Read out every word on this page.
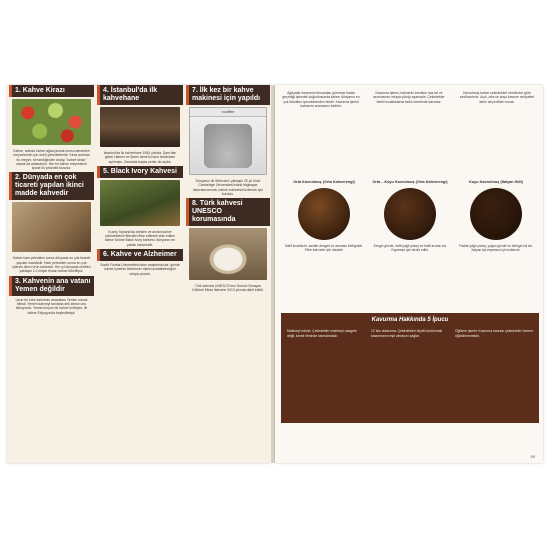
1. Kahve Kirazı
Kahve, adında kahve ağacı(ancak konsu tamamen meyvelerinin için özel) çekirdeklerdir. Kiraz andıran bu meyve, benzediğinden dolayı "kahve kirazı" olarak da adlandırılır. Her bir kahve meyvesinin içinde iki çekirdek bulunur.
2. Dünyada en çok ticareti yapılan ikinci madde kahvedir
Kahve ham petrolden sonra dünyada en çok ticareti yapılan maddedir. Ham petrolden sonra en çok işlenen ikinci ürün kahvedir. Her yıl dünyada üretilen yaklaşık 2.2 milyar fincan kahve tüketiliyor.
3. Kahvenin ana vatanı Yemen değildir
Uzun bir süre kahvenin anavatanı Yemen olarak bilindi. Yemen kahveyi tanıtana dek kimse onu bilmiyordu. Yemen boyun bir kahve ürettiyse, ilk kahve Etiyopya'da keşfedilmişti.
4. İstanbul'da ilk kahvehane
İstanbul'da ilk kahvehane 1554 yılında, Şam'dan gelen Hakem ve Şems isimli iki tacir tarafından açılmıştır. Zamanla başka yerler de açıldı.
5. Black Ivory Kahvesi
Kuzey Tayland'da üretilen ve anılan kahve çekirdeklerini fillerden filtre edilerek elde edilen kahve türüne Black Ivory kahvesi, dünyanın en pahalı kahvesidir.
6. Kahve ve Alzheimer
South Florida Üniversitesi'nden araştırmacılar, günde kahve içmenin Alzheimer riskini azaltabileceğini ortaya çıkardı.
7. İlk kez bir kahve makinesi için yapıldı
xcoffee
Dünyanın ilk Webcam'i yaklaşık 20 yıl önce Cambridge Üniversitesi'ndeki bilgisayar laboratuvarında, kahve makinesini izlemek için kuruldu.
8. Türk kahvesi UNESCO korumasında
Türk kahvesi UNESCO'nun Somut Olmayan Kültürel Miras listesine 2013 yılında dahil edildi.
Ağaçtaki meyvenin fincandan görmeye kadar geçirdiği işlemler doğrultusunda kahve dünyanın en çok tüketilen içeceklerinden biridir. Kavurma işlemi kahvenin aromasını belirler.
Kavurma işlemi, kahvenin kendine has tat ve aromasının ortaya çıktığı aşamadır. Çekirdekler belirli sıcaklıklarda farklı sürelerde kavrulur.
Kavrulmuş kahve çekirdekleri renklerine göre sınıflandırılır. Açık, orta ve koyu kavrum seviyeleri farklı tat profilleri sunar.
Orta Kavrulmuş (Orta Kahverengi)
Hafif kıvamlıdır, asidite dengeli ve aroması belirgindir. Filtre kahveler için idealdir.
Orta – Koyu Kavrulmuş (Orta Kahverengi)
Zengin gövde, hafif yağlı yüzey ve hafif acımsı tat. Espresso için tercih edilir.
Koyu Kavrulmuş (İtalyan Stili)
Parlak yağlı yüzey, yoğun gövde ve belirgin isli tat. İtalyan tipi espresso için kullanılır.
Kavurma Hakkında 5 İpucu
Makineyi edinin: Çekirdekler makineyi rastgele değil, kendi ritminde kavrulmalıdır.
12 kilo doldurma: Çekirdekleri ölçülü doldurmak kavurmanın eşit olmasını sağlar.
Öğütme işlemi: Kavurma sonrası çekirdekler hemen öğütülmemelidir.
95
